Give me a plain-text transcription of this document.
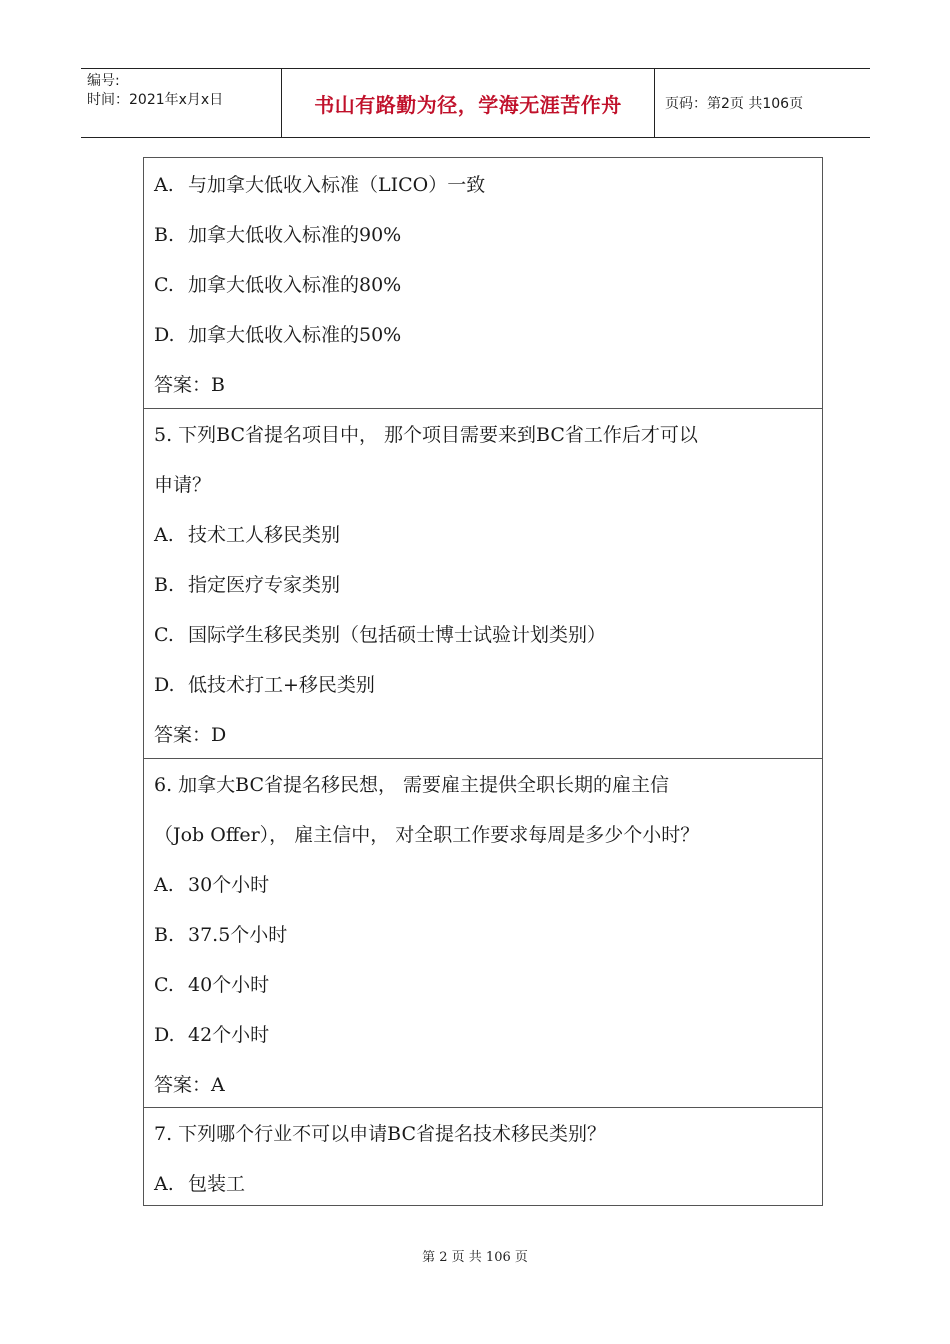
编号:
时间：2021年x月x日	书山有路勤为径，学海无涯苦作舟	页码：第2页 共106页
A. 与加拿大低收入标准（LICO）一致
B. 加拿大低收入标准的90%
C. 加拿大低收入标准的80%
D. 加拿大低收入标准的50%
答案：B
5. 下列BC省提名项目中， 那个项目需要来到BC省工作后才可以
申请？
A. 技术工人移民类别
B. 指定医疗专家类别
C. 国际学生移民类别（包括硕士博士试验计划类别）
D. 低技术打工+移民类别
答案：D
6. 加拿大BC省提名移民想， 需要雇主提供全职长期的雇主信
（Job Offer）， 雇主信中， 对全职工作要求每周是多少个小时？
A. 30个小时
B. 37.5个小时
C. 40个小时
D. 42个小时
答案：A
7. 下列哪个行业不可以申请BC省提名技术移民类别？
A. 包装工
第 2 页 共 106 页
